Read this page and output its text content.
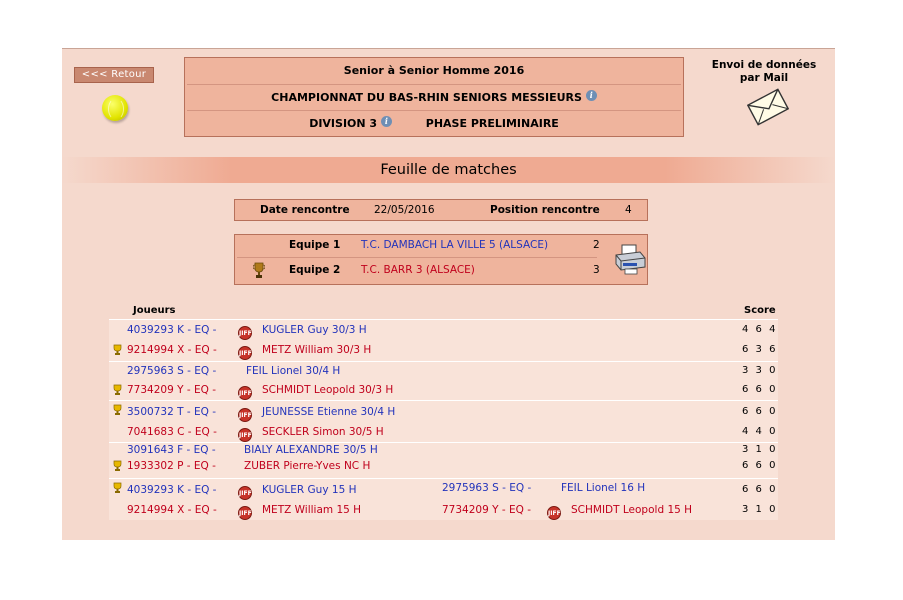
<<< Retour	Senior à Senior Homme 2016
CHAMPIONNAT DU BAS-RHIN SENIORS MESSIEURS i
DIVISION 3 i	PHASE PRELIMINAIRE
Envoi de données
par Mail
Feuille de matches
Date rencontre 22/05/2016	Position rencontre 4
Equipe 1 T.C. DAMBACH LA VILLE 5 (ALSACE)	2
Equipe 2 T.C. BARR 3 (ALSACE)	3
Joueurs	Score
4039293 K - EQ -	JIFF KUGLER Guy 30/3 H	4 6 4
9214994 X - EQ -	JIFF METZ William 30/3 H	6 3 6
2975963 S - EQ -	FEIL Lionel 30/4 H	3 3 0
7734209 Y - EQ -	JIFF SCHMIDT Leopold 30/3 H	6 6 0
3500732 T - EQ -	JIFF JEUNESSE Etienne 30/4 H	6 6 0
7041683 C - EQ -	JIFF SECKLER Simon 30/5 H	4 4 0
3091643 F - EQ -	BIALY ALEXANDRE 30/5 H	3 1 0
1933302 P - EQ -	ZUBER Pierre-Yves NC H	6 6 0
4039293 K - EQ -	JIFF KUGLER Guy 15 H	2975963 S - EQ -	FEIL Lionel 16 H	6 6 0
9214994 X - EQ -	JIFF METZ William 15 H	7734209 Y - EQ -	JIFF SCHMIDT Leopold 15 H	3 1 0
